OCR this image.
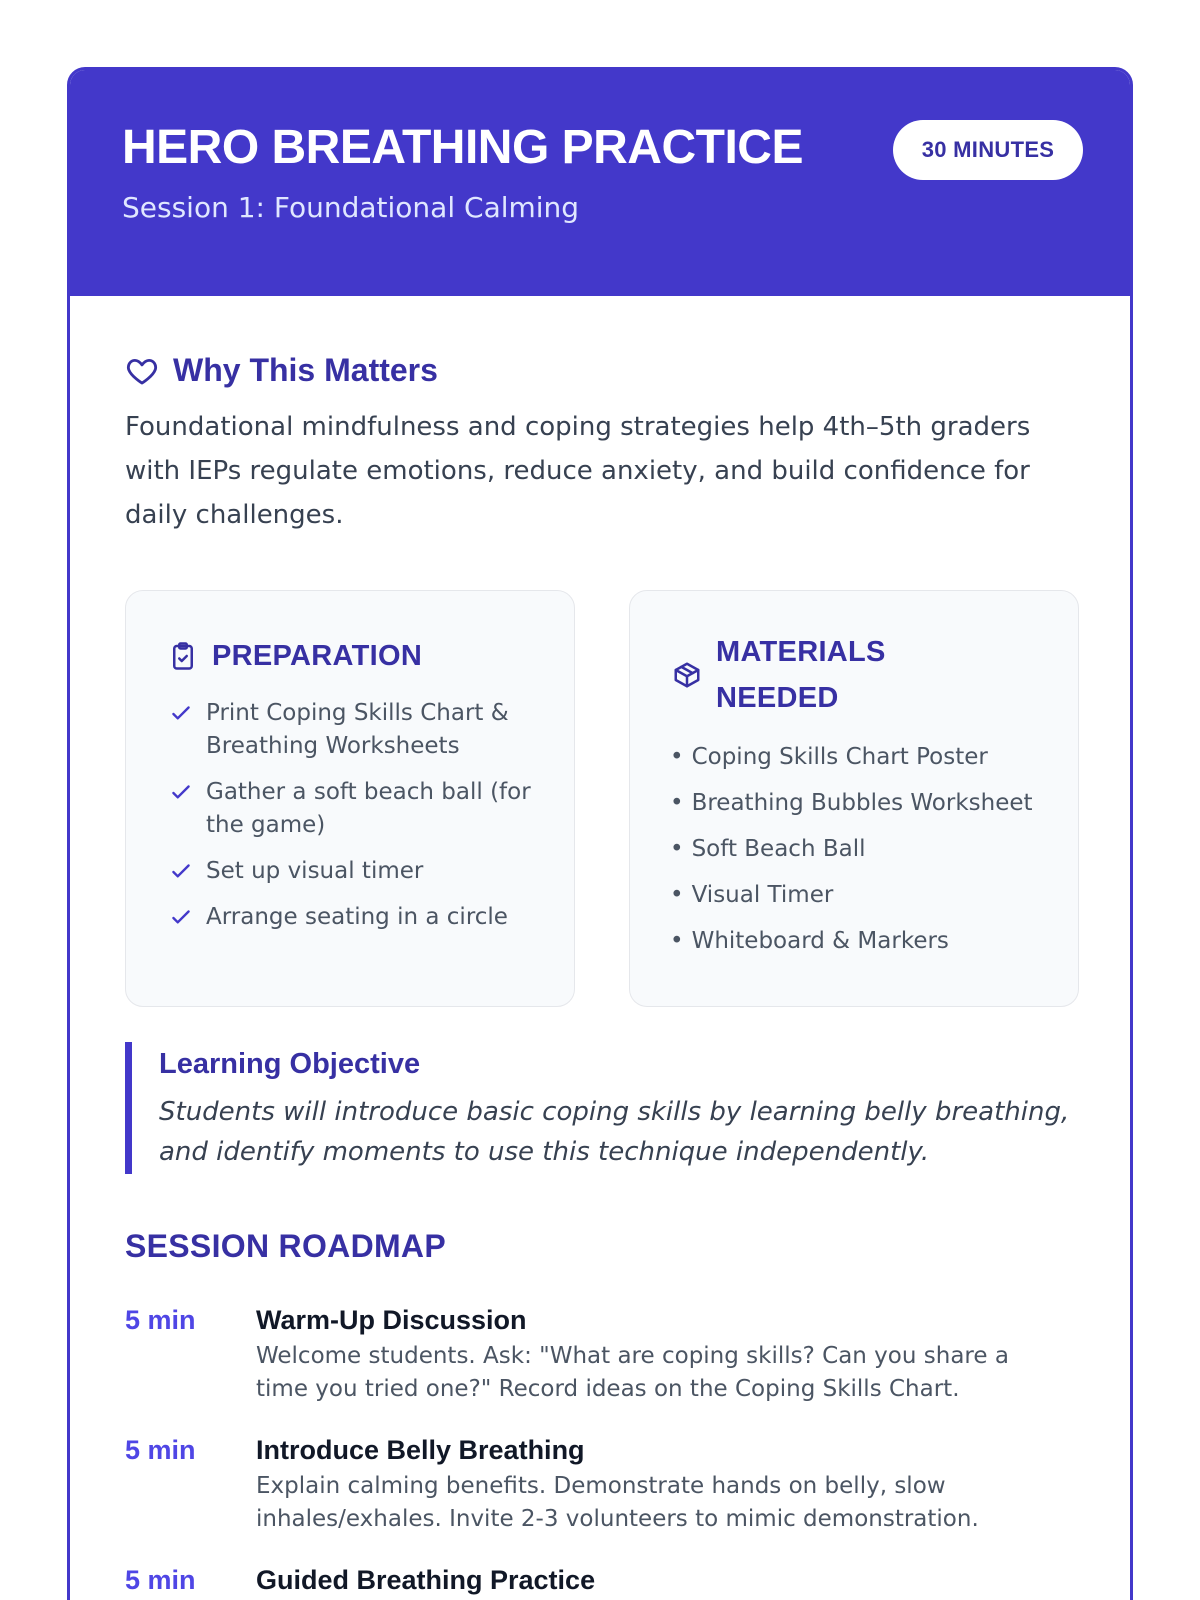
HERO BREATHING PRACTICE
Session 1: Foundational Calming
30 MINUTES
Why This Matters

Foundational mindfulness and coping strategies help 4th–5th graders with IEPs regulate emotions, reduce anxiety, and build confidence for daily challenges.

PREPARATION
Print Coping Skills Chart & Breathing Worksheets
Gather a soft beach ball (for the game)
Set up visual timer
Arrange seating in a circle
MATERIALS NEEDED
• Coping Skills Chart Poster
• Breathing Bubbles Worksheet
• Soft Beach Ball
• Visual Timer
• Whiteboard & Markers
Learning Objective

Students will introduce basic coping skills by learning belly breathing, and identify moments to use this technique independently.

SESSION ROADMAP
5 min	Warm-Up Discussion
Welcome students. Ask: "What are coping skills? Can you share a time you tried one?" Record ideas on the Coping Skills Chart.
5 min	Introduce Belly Breathing
Explain calming benefits. Demonstrate hands on belly, slow inhales/exhales. Invite 2-3 volunteers to mimic demonstration.
5 min	Guided Breathing Practice
